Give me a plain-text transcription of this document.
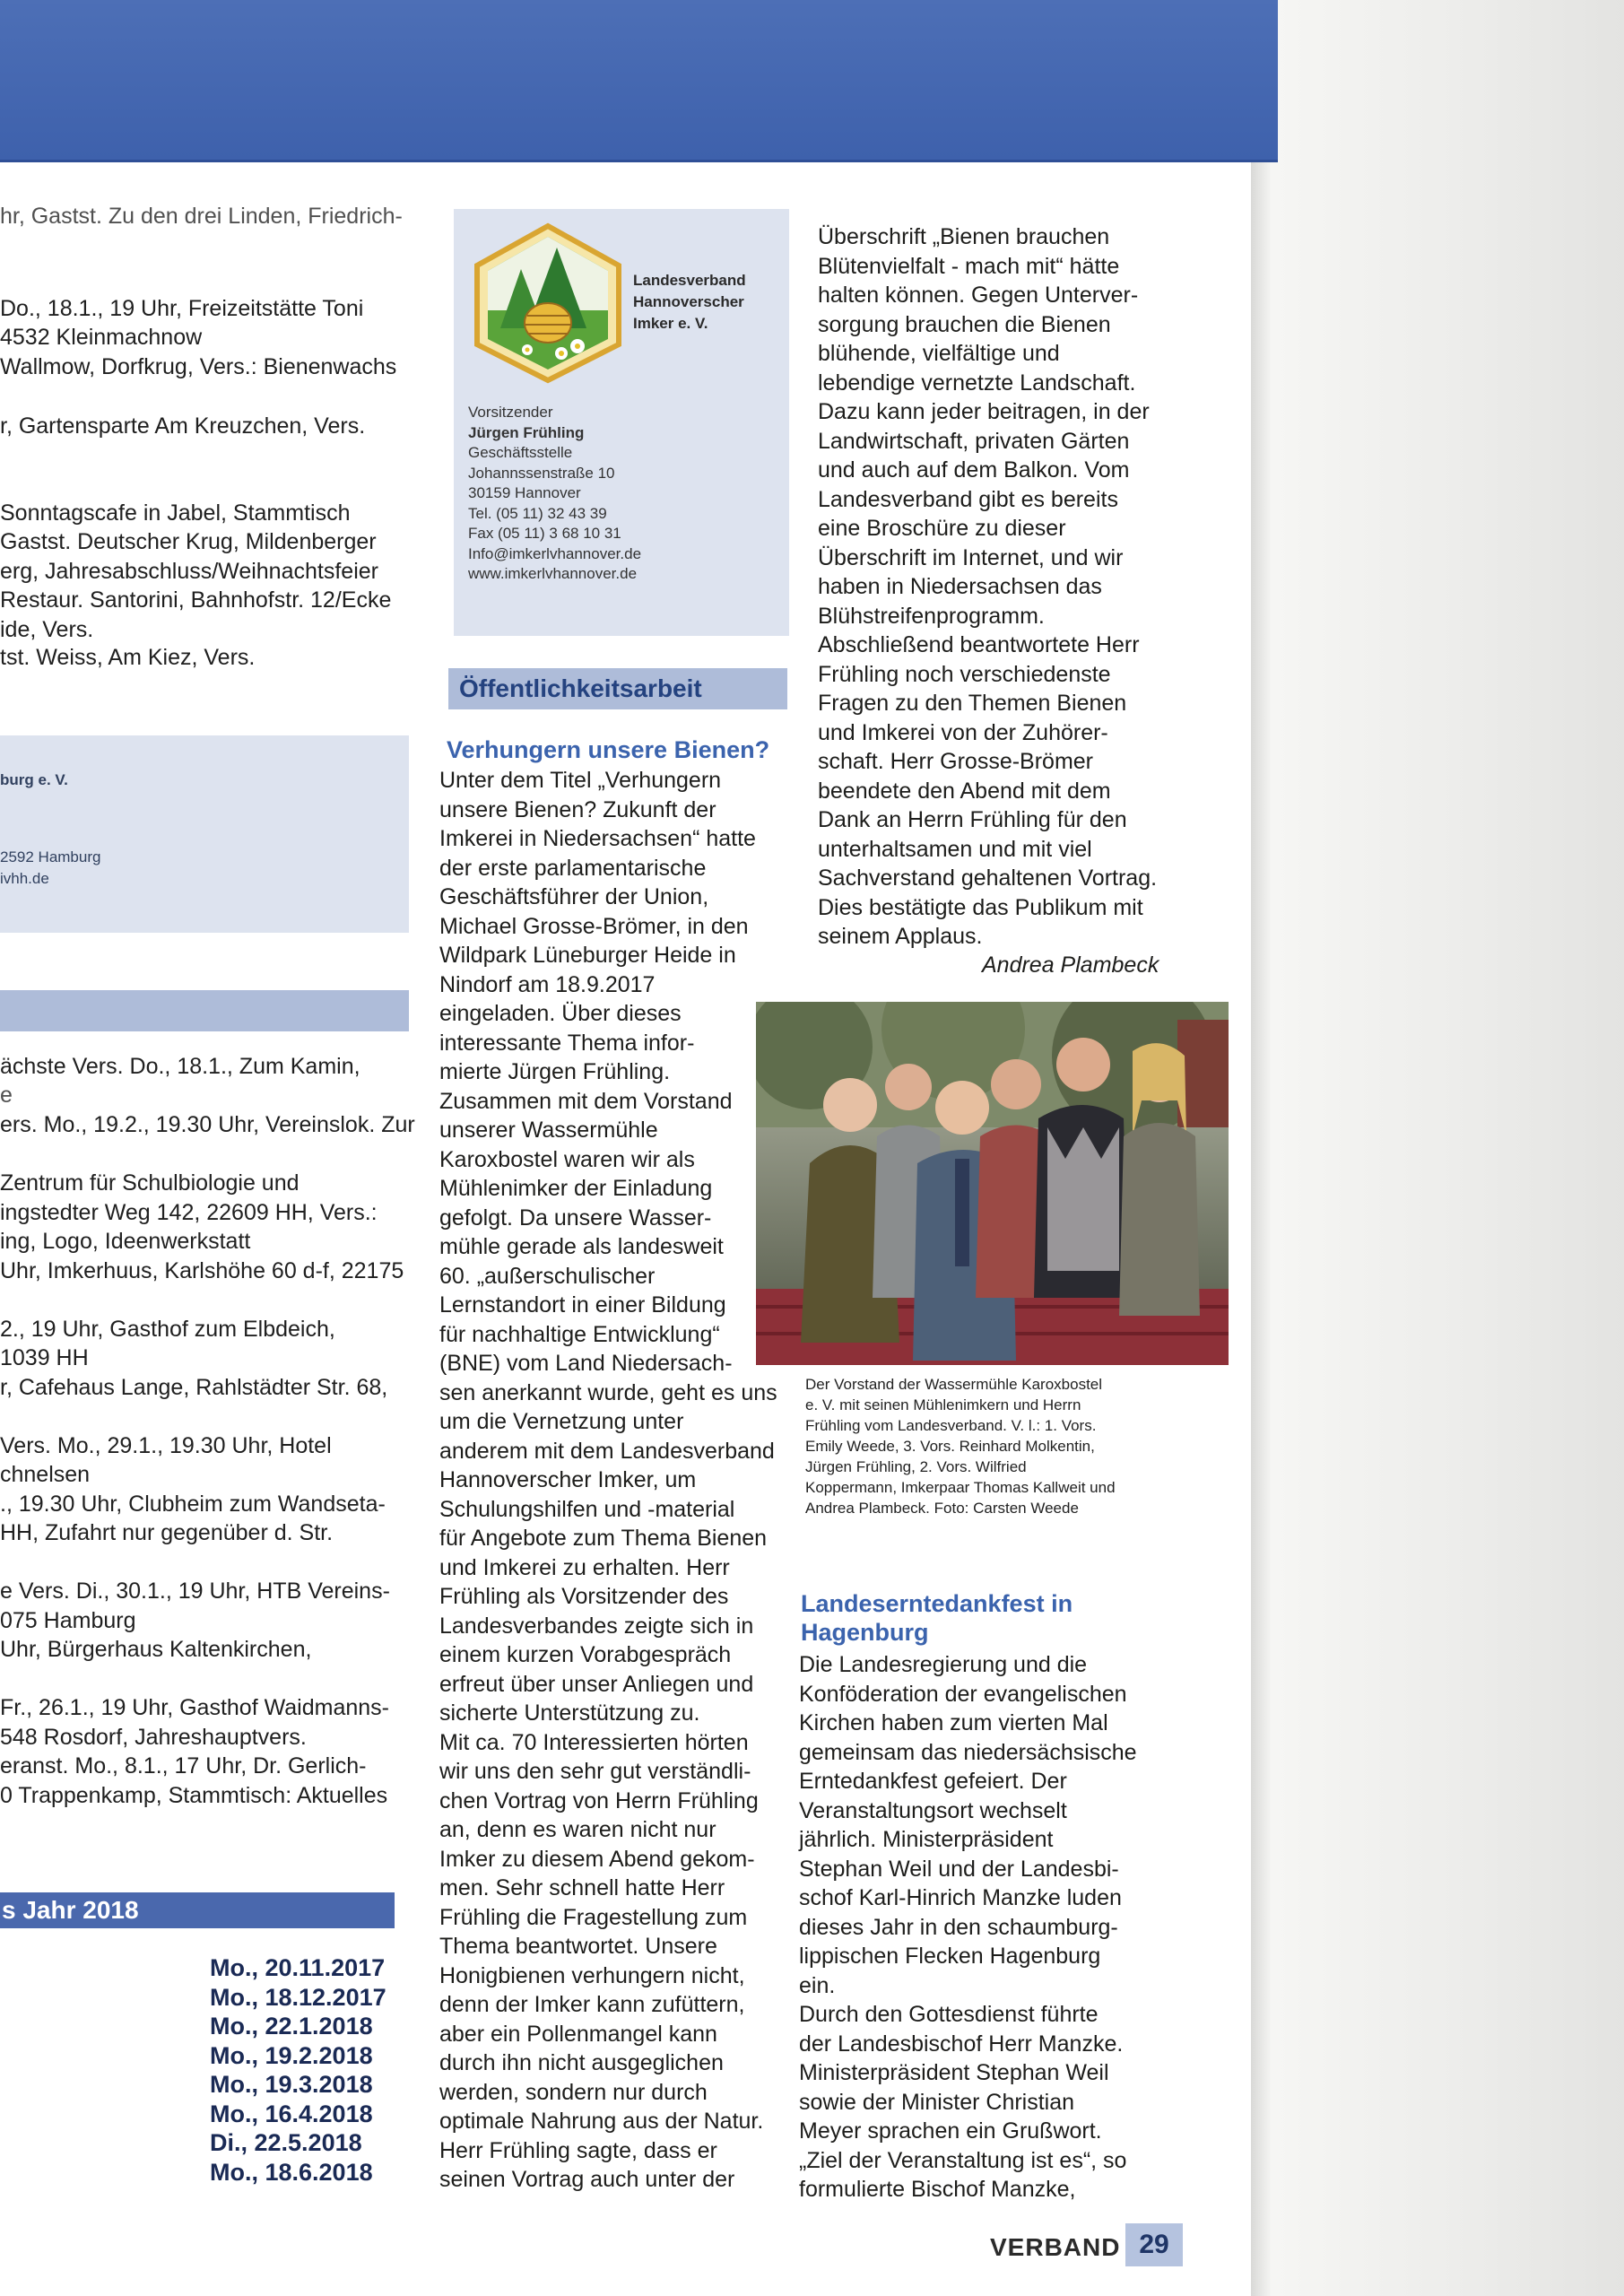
hr, Gastst. Zu den drei Linden, Friedrich-
Do., 18.1., 19 Uhr, Freizeitstätte Toni
4532 Kleinmachnow
Wallmow, Dorfkrug, Vers.: Bienenwachs
r, Gartensparte Am Kreuzchen, Vers.
Sonntagscafe in Jabel, Stammtisch
Gastst. Deutscher Krug, Mildenberger
erg, Jahresabschluss/Weihnachtsfeier
Restaur. Santorini, Bahnhofstr. 12/Ecke
ide, Vers.
tst. Weiss, Am Kiez, Vers.
burg e. V.
2592 Hamburg
ivhh.de
ächste Vers. Do., 18.1., Zum Kamin,
e
ers. Mo., 19.2., 19.30 Uhr, Vereinslok. Zur
Zentrum für Schulbiologie und
ingstedter Weg 142, 22609 HH, Vers.:
ing, Logo, Ideenwerkstatt
Uhr, Imkerhuus, Karlshöhe 60 d-f, 22175
2., 19 Uhr, Gasthof zum Elbdeich,
1039 HH
r, Cafehaus Lange, Rahlstädter Str. 68,
Vers. Mo., 29.1., 19.30 Uhr, Hotel
chnelsen
., 19.30 Uhr, Clubheim zum Wandseta-
HH, Zufahrt nur gegenüber d. Str.
e Vers. Di., 30.1., 19 Uhr, HTB Vereins-
075 Hamburg
Uhr, Bürgerhaus Kaltenkirchen,
Fr., 26.1., 19 Uhr, Gasthof Waidmanns-
548 Rosdorf, Jahreshauptvers.
eranst. Mo., 8.1., 17 Uhr, Dr. Gerlich-
0 Trappenkamp, Stammtisch: Aktuelles
s Jahr 2018
Mo., 20.11.2017
Mo., 18.12.2017
Mo., 22.1.2018
Mo., 19.2.2018
Mo., 19.3.2018
Mo., 16.4.2018
Di., 22.5.2018
Mo., 18.6.2018
Landesverband
Hannoverscher
Imker e. V.
Vorsitzender
Jürgen Frühling
Geschäftsstelle
Johannssenstraße 10
30159 Hannover
Tel. (05 11) 32 43 39
Fax (05 11) 3 68 10 31
Info@imkerlvhannover.de
www.imkerlvhannover.de
Öffentlichkeitsarbeit
Verhungern unsere Bienen?
Unter dem Titel „Verhungern
unsere Bienen? Zukunft der
Imkerei in Niedersachsen“ hatte
der erste parlamentarische
Geschäftsführer der Union,
Michael Grosse-Brömer, in den
Wildpark Lüneburger Heide in
Nindorf am 18.9.2017
eingeladen. Über dieses
interessante Thema infor-
mierte Jürgen Frühling.
Zusammen mit dem Vorstand
unserer Wassermühle
Karoxbostel waren wir als
Mühlenimker der Einladung
gefolgt. Da unsere Wasser-
mühle gerade als landesweit
60. „außerschulischer
Lernstandort in einer Bildung
für nachhaltige Entwicklung“
(BNE) vom Land Niedersach-
sen anerkannt wurde, geht es uns
um die Vernetzung unter
anderem mit dem Landesverband
Hannoverscher Imker, um
Schulungshilfen und -material
für Angebote zum Thema Bienen
und Imkerei zu erhalten. Herr
Frühling als Vorsitzender des
Landesverbandes zeigte sich in
einem kurzen Vorabgespräch
erfreut über unser Anliegen und
sicherte Unterstützung zu.
Mit ca. 70 Interessierten hörten
wir uns den sehr gut verständli-
chen Vortrag von Herrn Frühling
an, denn es waren nicht nur
Imker zu diesem Abend gekom-
men. Sehr schnell hatte Herr
Frühling die Fragestellung zum
Thema beantwortet. Unsere
Honigbienen verhungern nicht,
denn der Imker kann zufüttern,
aber ein Pollenmangel kann
durch ihn nicht ausgeglichen
werden, sondern nur durch
optimale Nahrung aus der Natur.
Herr Frühling sagte, dass er
seinen Vortrag auch unter der
Überschrift „Bienen brauchen
Blütenvielfalt - mach mit“ hätte
halten können. Gegen Unterver-
sorgung brauchen die Bienen
blühende, vielfältige und
lebendige vernetzte Landschaft.
Dazu kann jeder beitragen, in der
Landwirtschaft, privaten Gärten
und auch auf dem Balkon. Vom
Landesverband gibt es bereits
eine Broschüre zu dieser
Überschrift im Internet, und wir
haben in Niedersachsen das
Blühstreifenprogramm.
Abschließend beantwortete Herr
Frühling noch verschiedenste
Fragen zu den Themen Bienen
und Imkerei von der Zuhörer-
schaft. Herr Grosse-Brömer
beendete den Abend mit dem
Dank an Herrn Frühling für den
unterhaltsamen und mit viel
Sachverstand gehaltenen Vortrag.
Dies bestätigte das Publikum mit
seinem Applaus.
Andrea Plambeck
Der Vorstand der Wassermühle Karoxbostel
e. V. mit seinen Mühlenimkern und Herrn
Frühling vom Landesverband. V. l.: 1. Vors.
Emily Weede, 3. Vors. Reinhard Molkentin,
Jürgen Frühling, 2. Vors. Wilfried
Koppermann, Imkerpaar Thomas Kallweit und
Andrea Plambeck. Foto: Carsten Weede
Landeserntedankfest in
Hagenburg
Die Landesregierung und die
Konföderation der evangelischen
Kirchen haben zum vierten Mal
gemeinsam das niedersächsische
Erntedankfest gefeiert. Der
Veranstaltungsort wechselt
jährlich. Ministerpräsident
Stephan Weil und der Landesbi-
schof Karl-Hinrich Manzke luden
dieses Jahr in den schaumburg-
lippischen Flecken Hagenburg
ein.
Durch den Gottesdienst führte
der Landesbischof Herr Manzke.
Ministerpräsident Stephan Weil
sowie der Minister Christian
Meyer sprachen ein Grußwort.
„Ziel der Veranstaltung ist es“, so
formulierte Bischof Manzke,
VERBAND 29
